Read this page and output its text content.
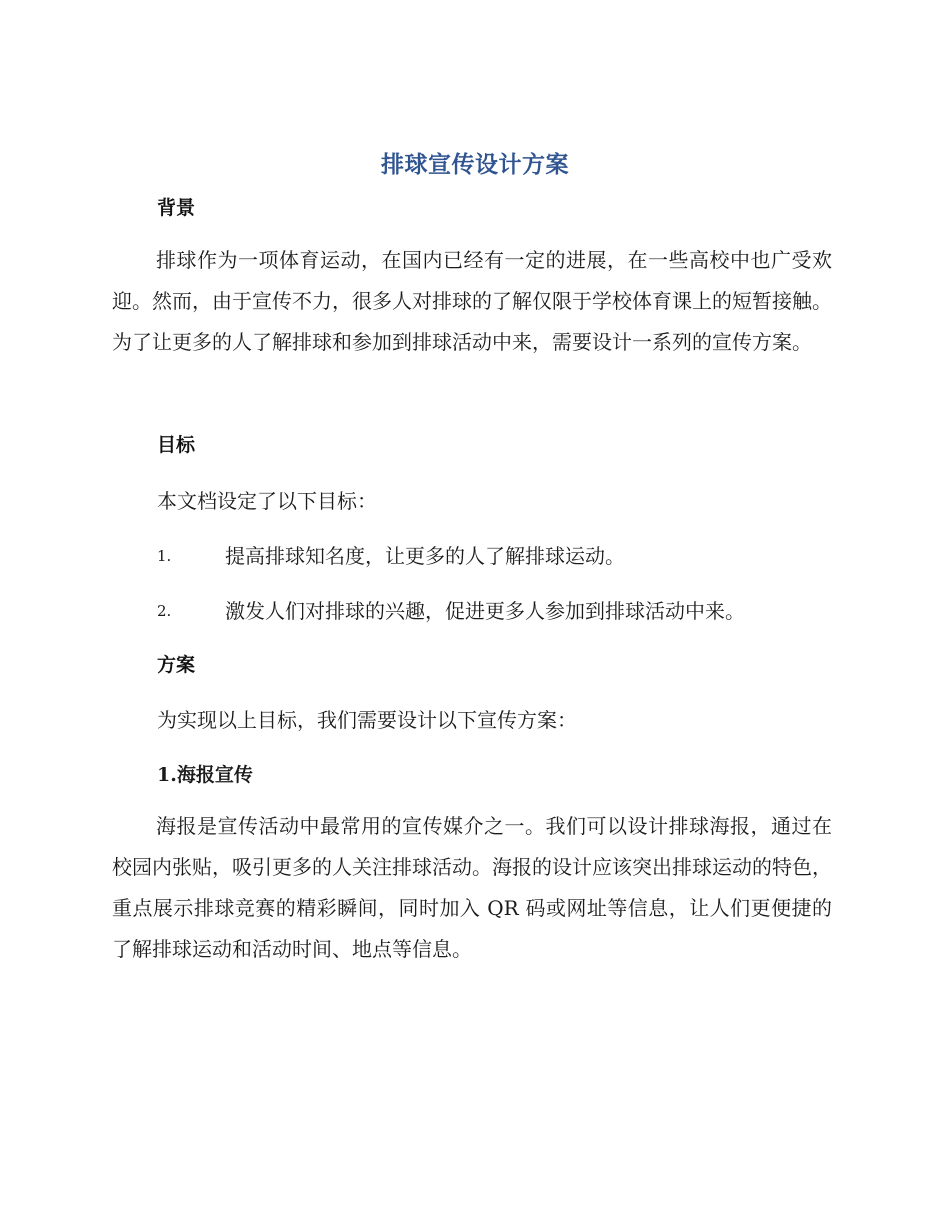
排球宣传设计方案
背景

排球作为一项体育运动，在国内已经有一定的进展，在一些高校中也广受欢迎。然而，由于宣传不力，很多人对排球的了解仅限于学校体育课上的短暂接触。为了让更多的人了解排球和参加到排球活动中来，需要设计一系列的宣传方案。

目标
本文档设定了以下目标：
1.	提高排球知名度，让更多的人了解排球运动。
2.	激发人们对排球的兴趣，促进更多人参加到排球活动中来。
方案
为实现以上目标，我们需要设计以下宣传方案：
1.海报宣传

海报是宣传活动中最常用的宣传媒介之一。我们可以设计排球海报，通过在校园内张贴，吸引更多的人关注排球活动。海报的设计应该突出排球运动的特色，重点展示排球竞赛的精彩瞬间，同时加入 QR 码或网址等信息，让人们更便捷的了解排球运动和活动时间、地点等信息。
